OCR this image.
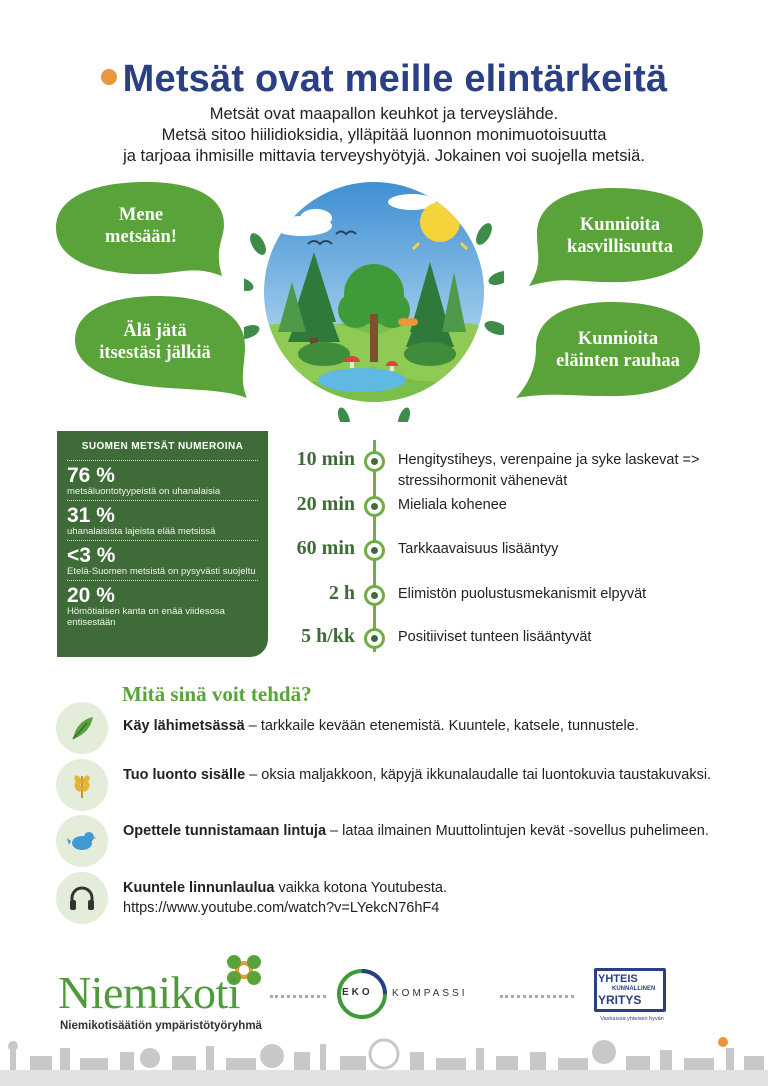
Metsät ovat meille elintärkeitä
Metsät ovat maapallon keuhkot ja terveyslähde.
Metsä sitoo hiilidioksidia, ylläpitää luonnon monimuotoisuutta
ja tarjoaa ihmisille mittavia terveyshyötyjä. Jokainen voi suojella metsiä.
Mene
metsään!
Älä jätä
itsestäsi jälkiä
Kunnioita
kasvillisuutta
Kunnioita
eläinten rauhaa
SUOMEN METSÄT NUMEROINA
76 %
metsäluontotyypeistä on uhanalaisia
31 %
uhanalaisista lajeista elää metsissä
<3 %
Etelä-Suomen metsistä on pysyvästi suojeltu
20 %
Hömötiaisen kanta on enää viidesosa entisestään
10 min	Hengitystiheys, verenpaine ja syke laskevat => stressihormonit vähenevät
20 min	Mieliala kohenee
60 min	Tarkkaavaisuus lisääntyy
2 h	Elimistön puolustusmekanismit elpyvät
5 h/kk	Positiiviset tunteen lisääntyvät
Mitä sinä voit tehdä?
Käy lähimetsässä – tarkkaile kevään etenemistä. Kuuntele, katsele, tunnustele.
Tuo luonto sisälle – oksia maljakkoon, käpyjä ikkunalaudalle tai luontokuvia taustakuvaksi.
Opettele tunnistamaan lintuja – lataa ilmainen Muuttolintujen kevät -sovellus puhelimeen.
Kuuntele linnunlaulua vaikka kotona Youtubesta.
https://www.youtube.com/watch?v=LYekcN76hF4
Niemikoti
Niemikotisäätiön ympäristötyöryhmä
EKO KOMPASSI
YHTEIS
KUNNALLINEN
YRITYS
Vastuussa yhteisen hyvän
